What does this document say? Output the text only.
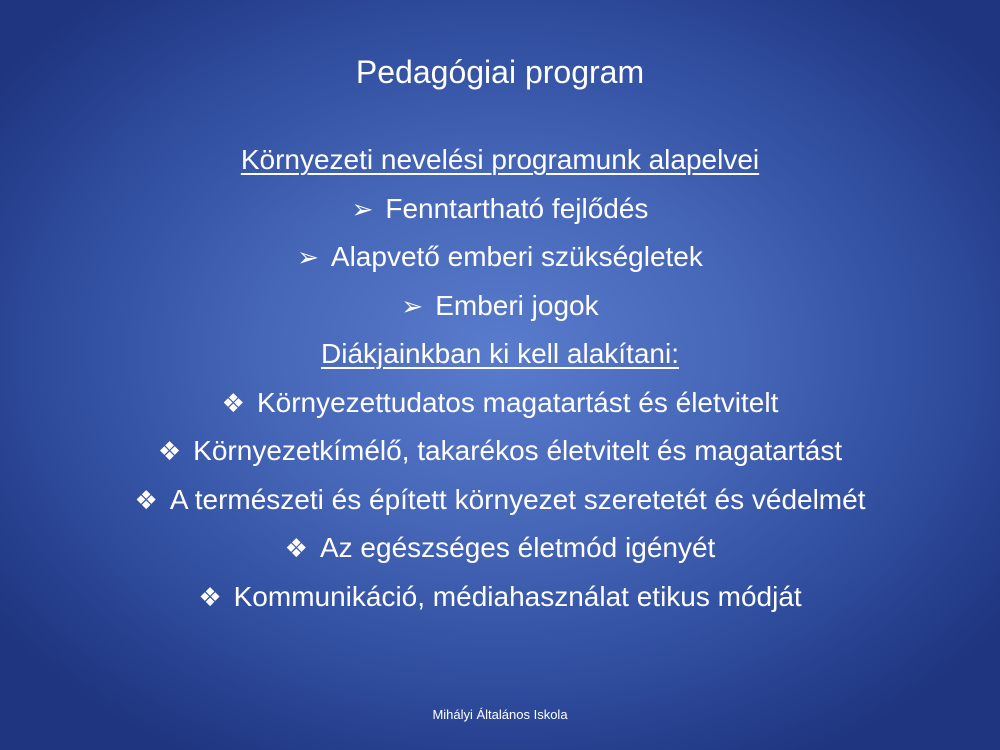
Pedagógiai program
Környezeti nevelési programunk alapelvei
➢ Fenntartható fejlődés
➢ Alapvető emberi szükségletek
➢ Emberi jogok
Diákjainkban ki kell alakítani:
❖ Környezettudatos magatartást és életvitelt
❖ Környezetkímélő, takarékos életvitelt és magatartást
❖ A természeti és épített környezet szeretetét és védelmét
❖ Az egészséges életmód igényét
❖ Kommunikáció, médiahasználat etikus módját
Mihályi Általános Iskola
